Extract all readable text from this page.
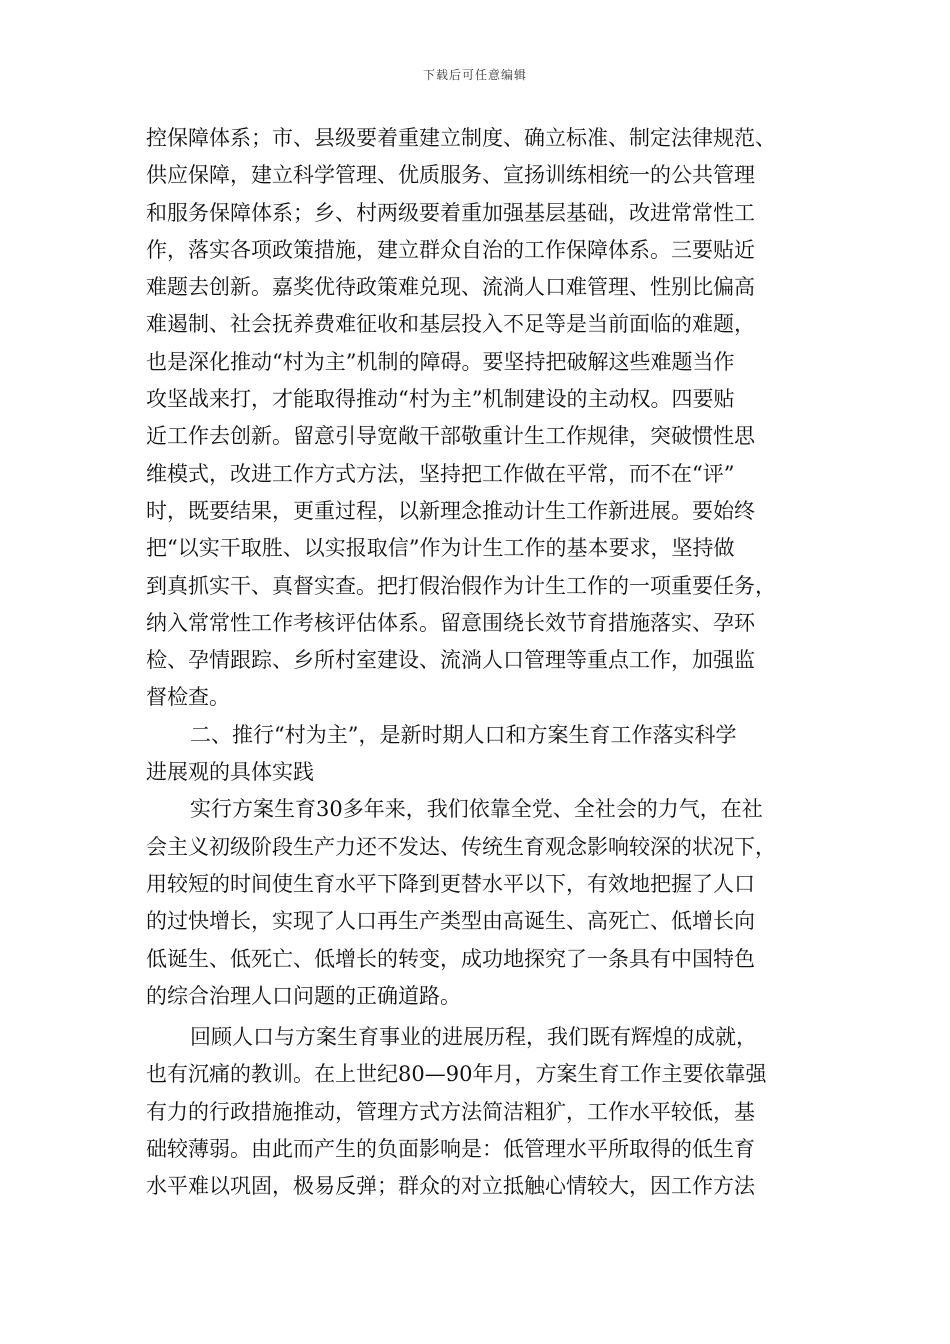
下载后可任意编辑
控保障体系；市、县级要着重建立制度、确立标准、制定法律规范、
供应保障，建立科学管理、优质服务、宣扬训练相统一的公共管理
和服务保障体系；乡、村两级要着重加强基层基础，改进常常性工
作，落实各项政策措施，建立群众自治的工作保障体系。三要贴近
难题去创新。嘉奖优待政策难兑现、流淌人口难管理、性别比偏高
难遏制、社会抚养费难征收和基层投入不足等是当前面临的难题，
也是深化推动“村为主”机制的障碍。要坚持把破解这些难题当作
攻坚战来打，才能取得推动“村为主”机制建设的主动权。四要贴
近工作去创新。留意引导宽敞干部敬重计生工作规律，突破惯性思
维模式，改进工作方式方法，坚持把工作做在平常，而不在“评”
时，既要结果，更重过程，以新理念推动计生工作新进展。要始终
把“以实干取胜、以实报取信”作为计生工作的基本要求，坚持做
到真抓实干、真督实查。把打假治假作为计生工作的一项重要任务，
纳入常常性工作考核评估体系。留意围绕长效节育措施落实、孕环
检、孕情跟踪、乡所村室建设、流淌人口管理等重点工作，加强监
督检查。
二、推行“村为主”，是新时期人口和方案生育工作落实科学
进展观的具体实践
实行方案生育30多年来，我们依靠全党、全社会的力气，在社
会主义初级阶段生产力还不发达、传统生育观念影响较深的状况下，
用较短的时间使生育水平下降到更替水平以下，有效地把握了人口
的过快增长，实现了人口再生产类型由高诞生、高死亡、低增长向
低诞生、低死亡、低增长的转变，成功地探究了一条具有中国特色
的综合治理人口问题的正确道路。
回顾人口与方案生育事业的进展历程，我们既有辉煌的成就，
也有沉痛的教训。在上世纪80—90年月，方案生育工作主要依靠强
有力的行政措施推动，管理方式方法简洁粗犷，工作水平较低，基
础较薄弱。由此而产生的负面影响是：低管理水平所取得的低生育
水平难以巩固，极易反弹；群众的对立抵触心情较大，因工作方法
